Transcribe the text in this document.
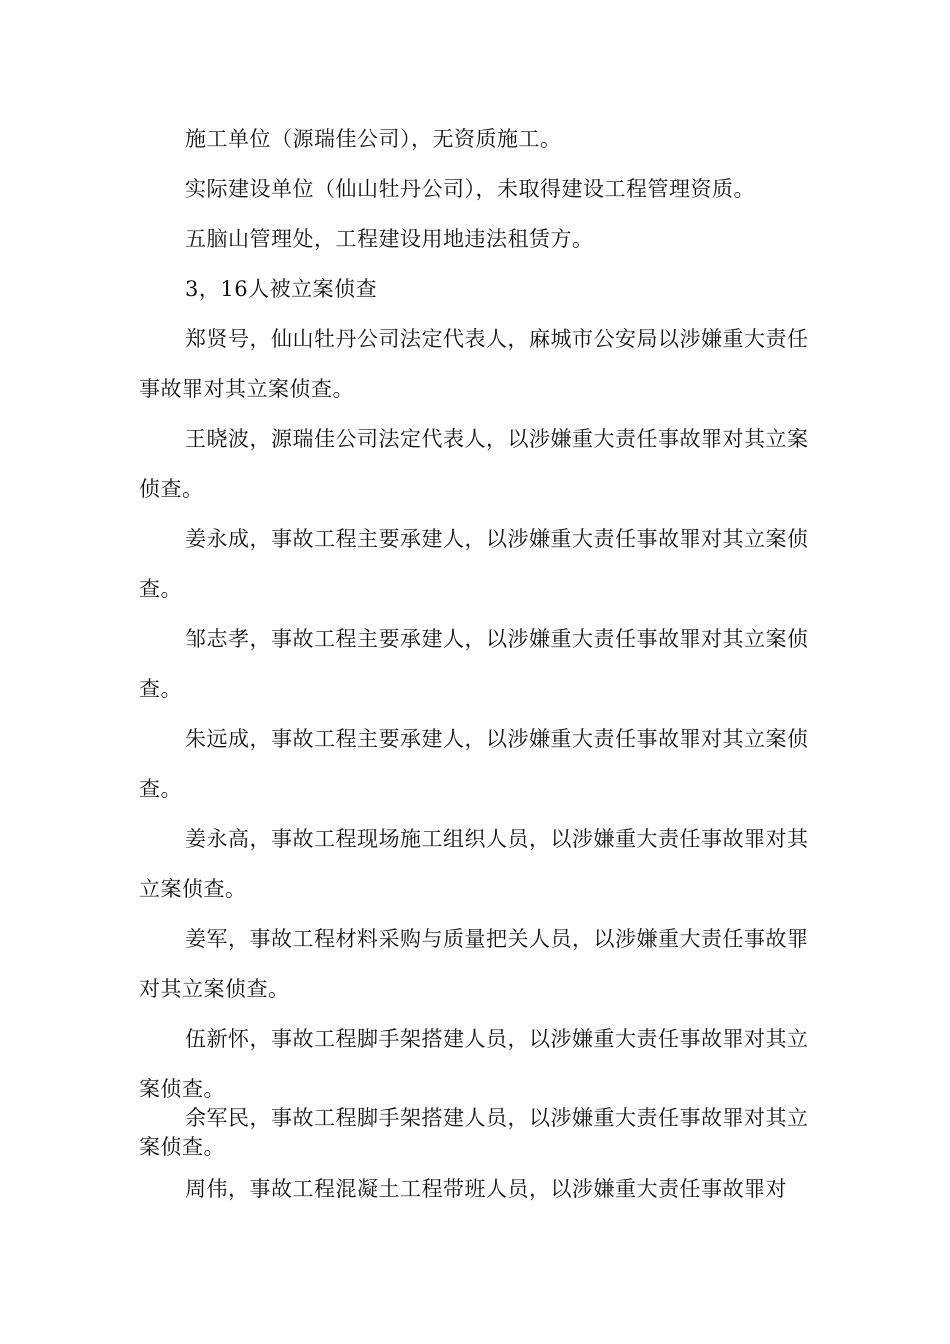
施工单位（源瑞佳公司），无资质施工。

实际建设单位（仙山牡丹公司），未取得建设工程管理资质。

五脑山管理处，工程建设用地违法租赁方。

3，16人被立案侦查

郑贤号，仙山牡丹公司法定代表人，麻城市公安局以涉嫌重大责任事故罪对其立案侦查。

王晓波，源瑞佳公司法定代表人，以涉嫌重大责任事故罪对其立案侦查。

姜永成，事故工程主要承建人，以涉嫌重大责任事故罪对其立案侦查。

邹志孝，事故工程主要承建人，以涉嫌重大责任事故罪对其立案侦查。

朱远成，事故工程主要承建人，以涉嫌重大责任事故罪对其立案侦查。

姜永高，事故工程现场施工组织人员，以涉嫌重大责任事故罪对其立案侦查。

姜军，事故工程材料采购与质量把关人员，以涉嫌重大责任事故罪对其立案侦查。

伍新怀，事故工程脚手架搭建人员，以涉嫌重大责任事故罪对其立案侦查。

余军民，事故工程脚手架搭建人员，以涉嫌重大责任事故罪对其立案侦查。

周伟，事故工程混凝土工程带班人员，以涉嫌重大责任事故罪对
